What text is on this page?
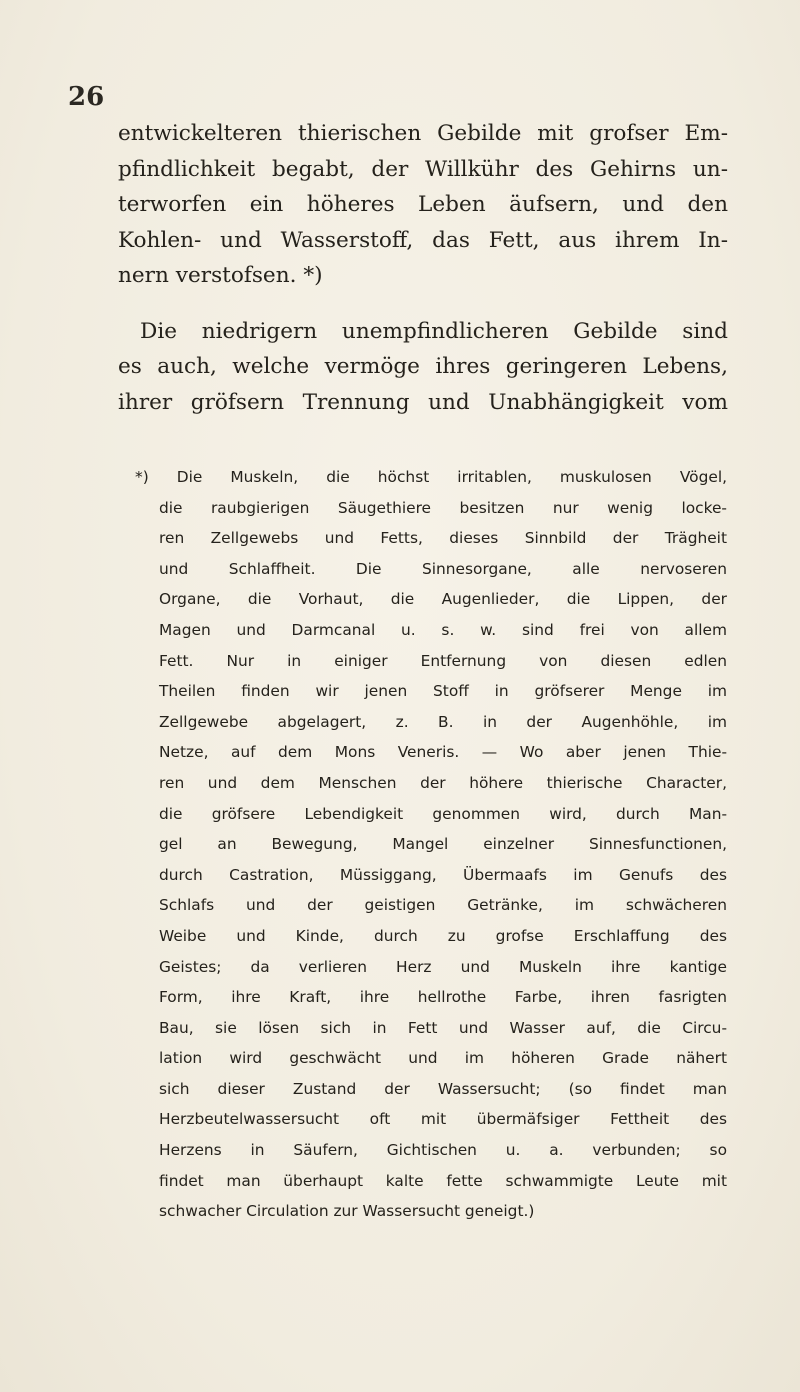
26
entwickelteren thierischen Gebilde mit grofser Em-
pfindlichkeit begabt, der Willkühr des Gehirns un-
terworfen ein höheres Leben äufsern, und den
Kohlen- und Wasserstoff, das Fett, aus ihrem In-
nern verstofsen. *)
Die niedrigern unempfindlicheren Gebilde sind
es auch, welche vermöge ihres geringeren Lebens,
ihrer gröfsern Trennung und Unabhängigkeit vom
*) Die Muskeln, die höchst irritablen, muskulosen Vögel,
die raubgierigen Säugethiere besitzen nur wenig locke-
ren Zellgewebs und Fetts, dieses Sinnbild der Trägheit
und Schlaffheit. Die Sinnesorgane, alle nervoseren
Organe, die Vorhaut, die Augenlieder, die Lippen, der
Magen und Darmcanal u. s. w. sind frei von allem
Fett. Nur in einiger Entfernung von diesen edlen
Theilen finden wir jenen Stoff in gröfserer Menge im
Zellgewebe abgelagert, z. B. in der Augenhöhle, im
Netze, auf dem Mons Veneris. — Wo aber jenen Thie-
ren und dem Menschen der höhere thierische Character,
die gröfsere Lebendigkeit genommen wird, durch Man-
gel an Bewegung, Mangel einzelner Sinnesfunctionen,
durch Castration, Müssiggang, Übermaafs im Genufs des
Schlafs und der geistigen Getränke, im schwächeren
Weibe und Kinde, durch zu grofse Erschlaffung des
Geistes; da verlieren Herz und Muskeln ihre kantige
Form, ihre Kraft, ihre hellrothe Farbe, ihren fasrigten
Bau, sie lösen sich in Fett und Wasser auf, die Circu-
lation wird geschwächt und im höheren Grade nähert
sich dieser Zustand der Wassersucht; (so findet man
Herzbeutelwassersucht oft mit übermäfsiger Fettheit des
Herzens in Säufern, Gichtischen u. a. verbunden; so
findet man überhaupt kalte fette schwammigte Leute mit
schwacher Circulation zur Wassersucht geneigt.)
